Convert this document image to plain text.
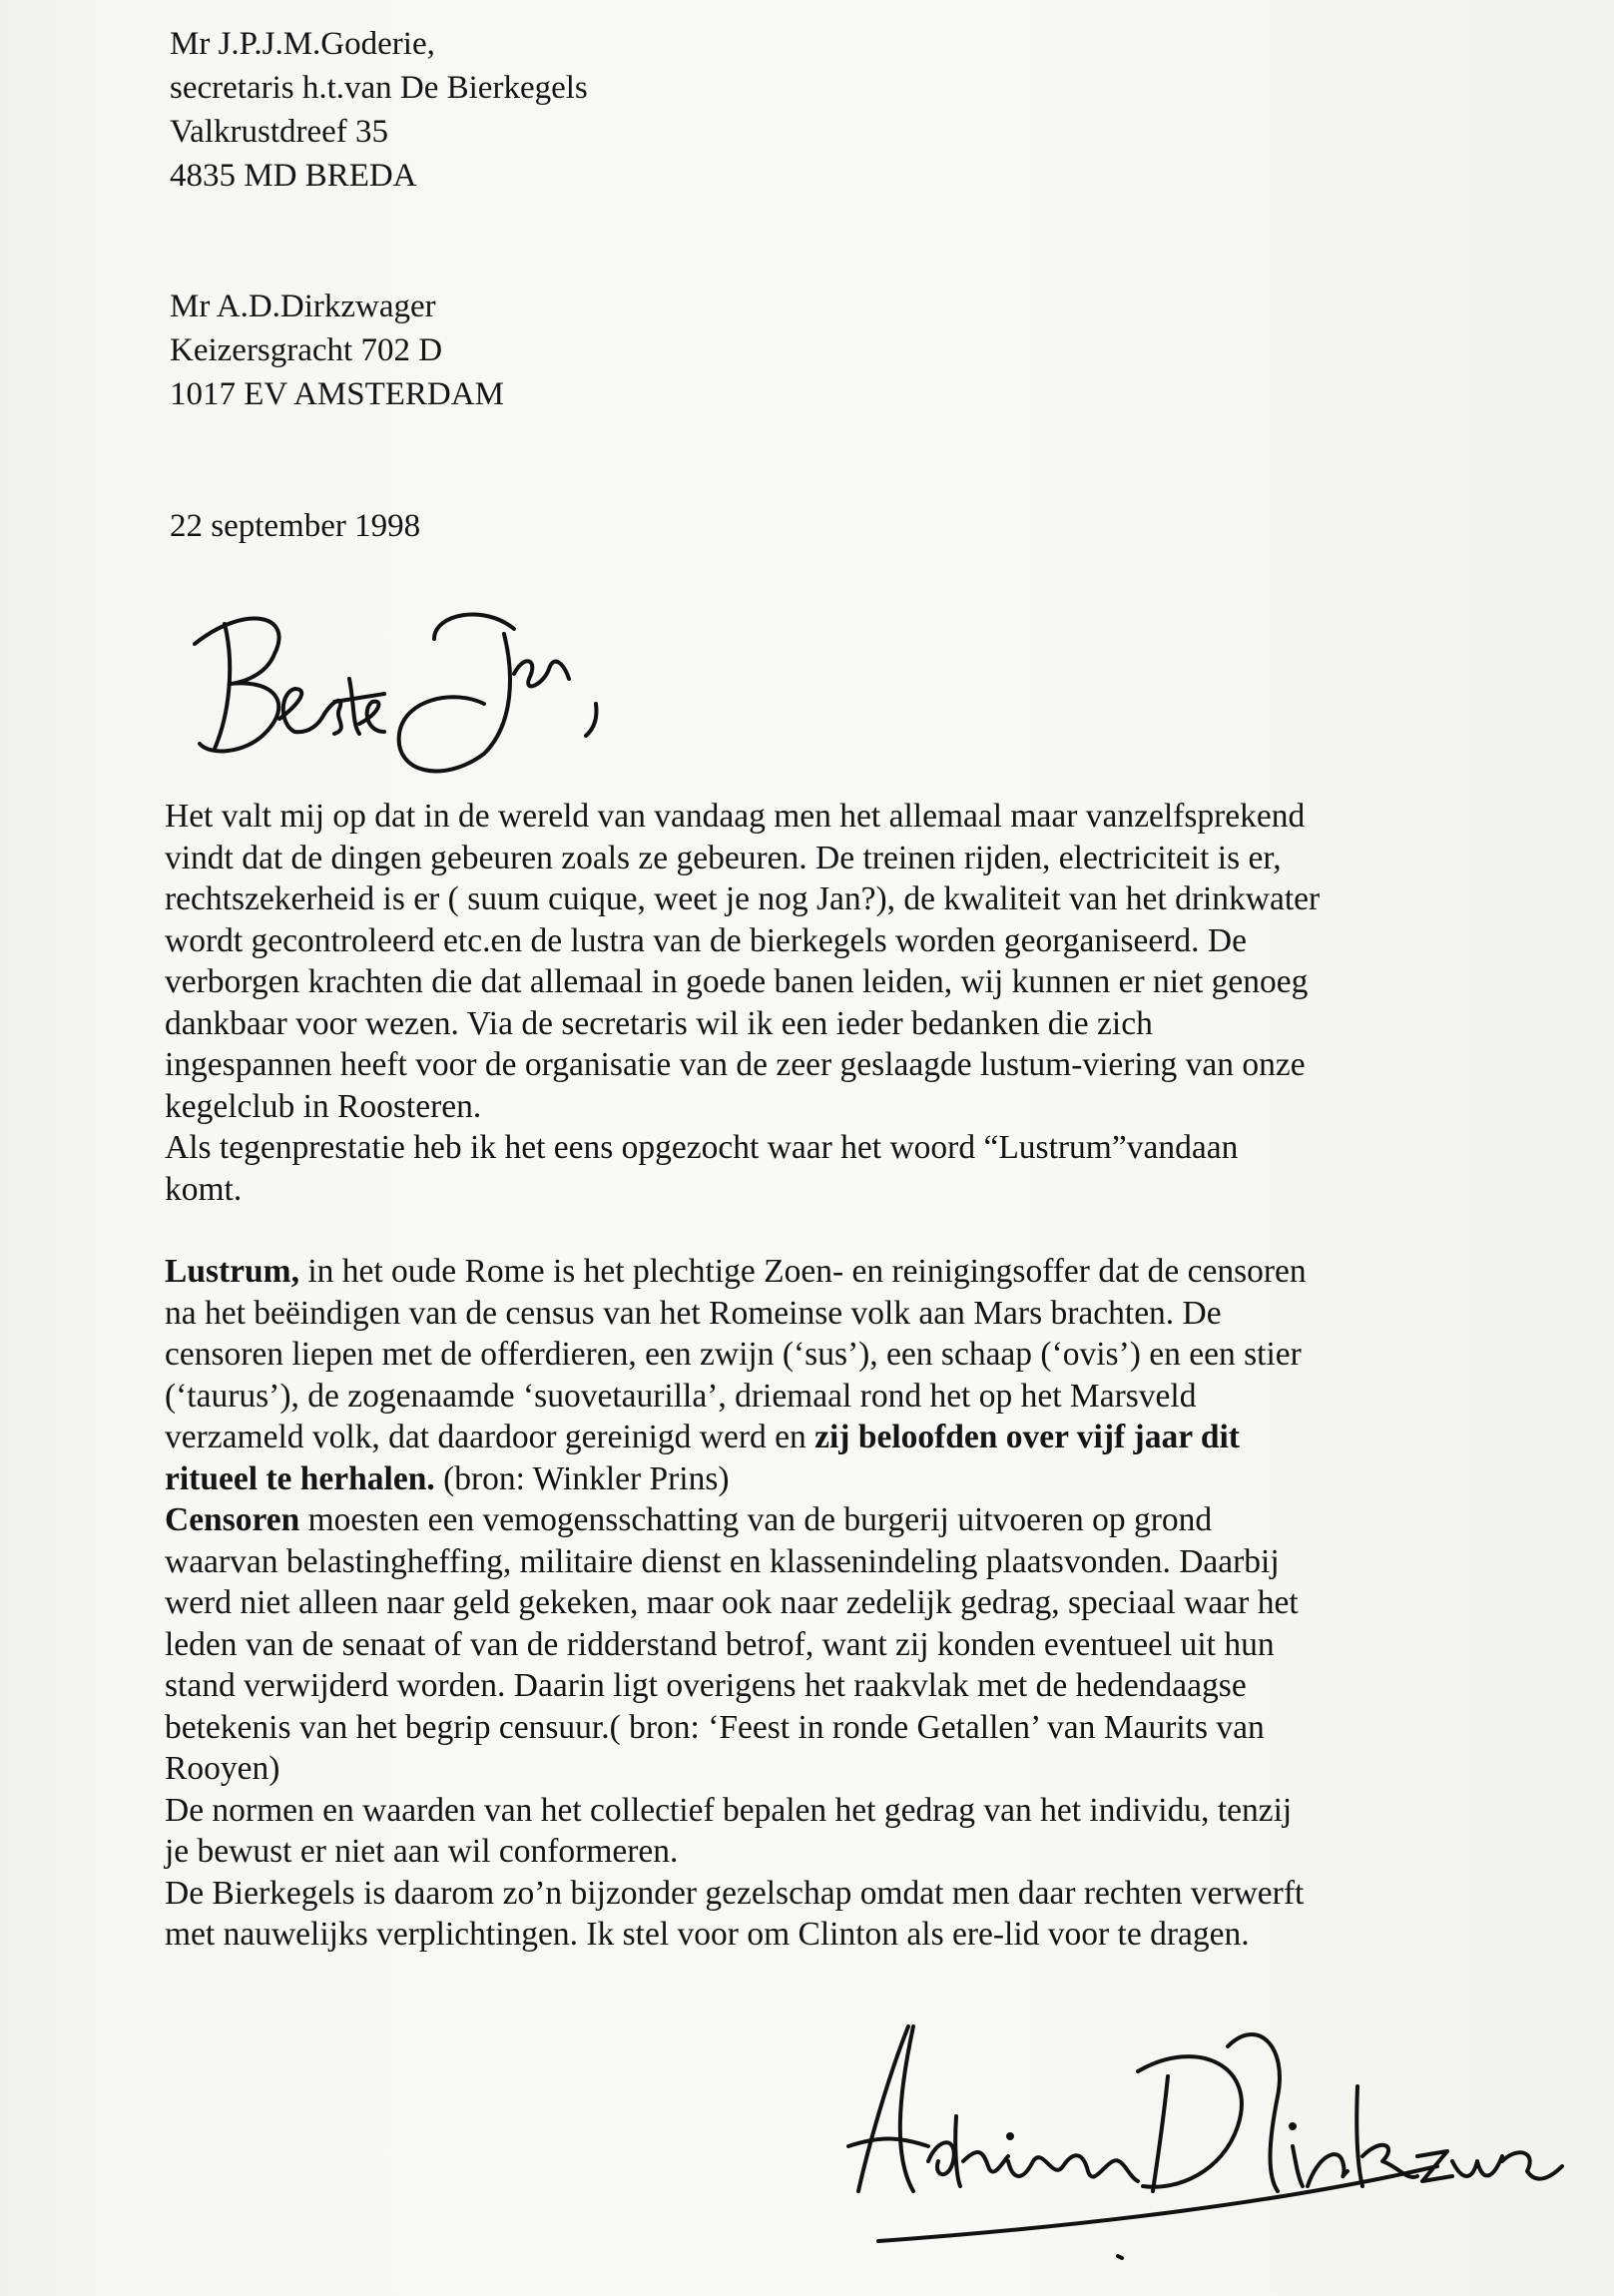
Mr J.P.J.M.Goderie,
secretaris h.t.van De Bierkegels
Valkrustdreef 35
4835 MD BREDA
Mr A.D.Dirkzwager
Keizersgracht 702 D
1017 EV AMSTERDAM
22 september 1998
Het valt mij op dat in de wereld van vandaag men het allemaal maar vanzelfsprekend
vindt dat de dingen gebeuren zoals ze gebeuren. De treinen rijden, electriciteit is er,
rechtszekerheid is er ( suum cuique, weet je nog Jan?), de kwaliteit van het drinkwater
wordt gecontroleerd etc.en de lustra van de bierkegels worden georganiseerd. De
verborgen krachten die dat allemaal in goede banen leiden, wij kunnen er niet genoeg
dankbaar voor wezen. Via de secretaris wil ik een ieder bedanken die zich
ingespannen heeft voor de organisatie van de zeer geslaagde lustum-viering van onze
kegelclub in Roosteren.
Als tegenprestatie heb ik het eens opgezocht waar het woord “Lustrum”vandaan
komt.
Lustrum, in het oude Rome is het plechtige Zoen- en reinigingsoffer dat de censoren
na het beëindigen van de census van het Romeinse volk aan Mars brachten. De
censoren liepen met de offerdieren, een zwijn (‘sus’), een schaap (‘ovis’) en een stier
(‘taurus’), de zogenaamde ‘suovetaurilla’, driemaal rond het op het Marsveld
verzameld volk, dat daardoor gereinigd werd en zij beloofden over vijf jaar dit
ritueel te herhalen. (bron: Winkler Prins)
Censoren moesten een vemogensschatting van de burgerij uitvoeren op grond
waarvan belastingheffing, militaire dienst en klassenindeling plaatsvonden. Daarbij
werd niet alleen naar geld gekeken, maar ook naar zedelijk gedrag, speciaal waar het
leden van de senaat of van de ridderstand betrof, want zij konden eventueel uit hun
stand verwijderd worden. Daarin ligt overigens het raakvlak met de hedendaagse
betekenis van het begrip censuur.( bron: ‘Feest in ronde Getallen’ van Maurits van
Rooyen)
De normen en waarden van het collectief bepalen het gedrag van het individu, tenzij
je bewust er niet aan wil conformeren.
De Bierkegels is daarom zo’n bijzonder gezelschap omdat men daar rechten verwerft
met nauwelijks verplichtingen. Ik stel voor om Clinton als ere-lid voor te dragen.
